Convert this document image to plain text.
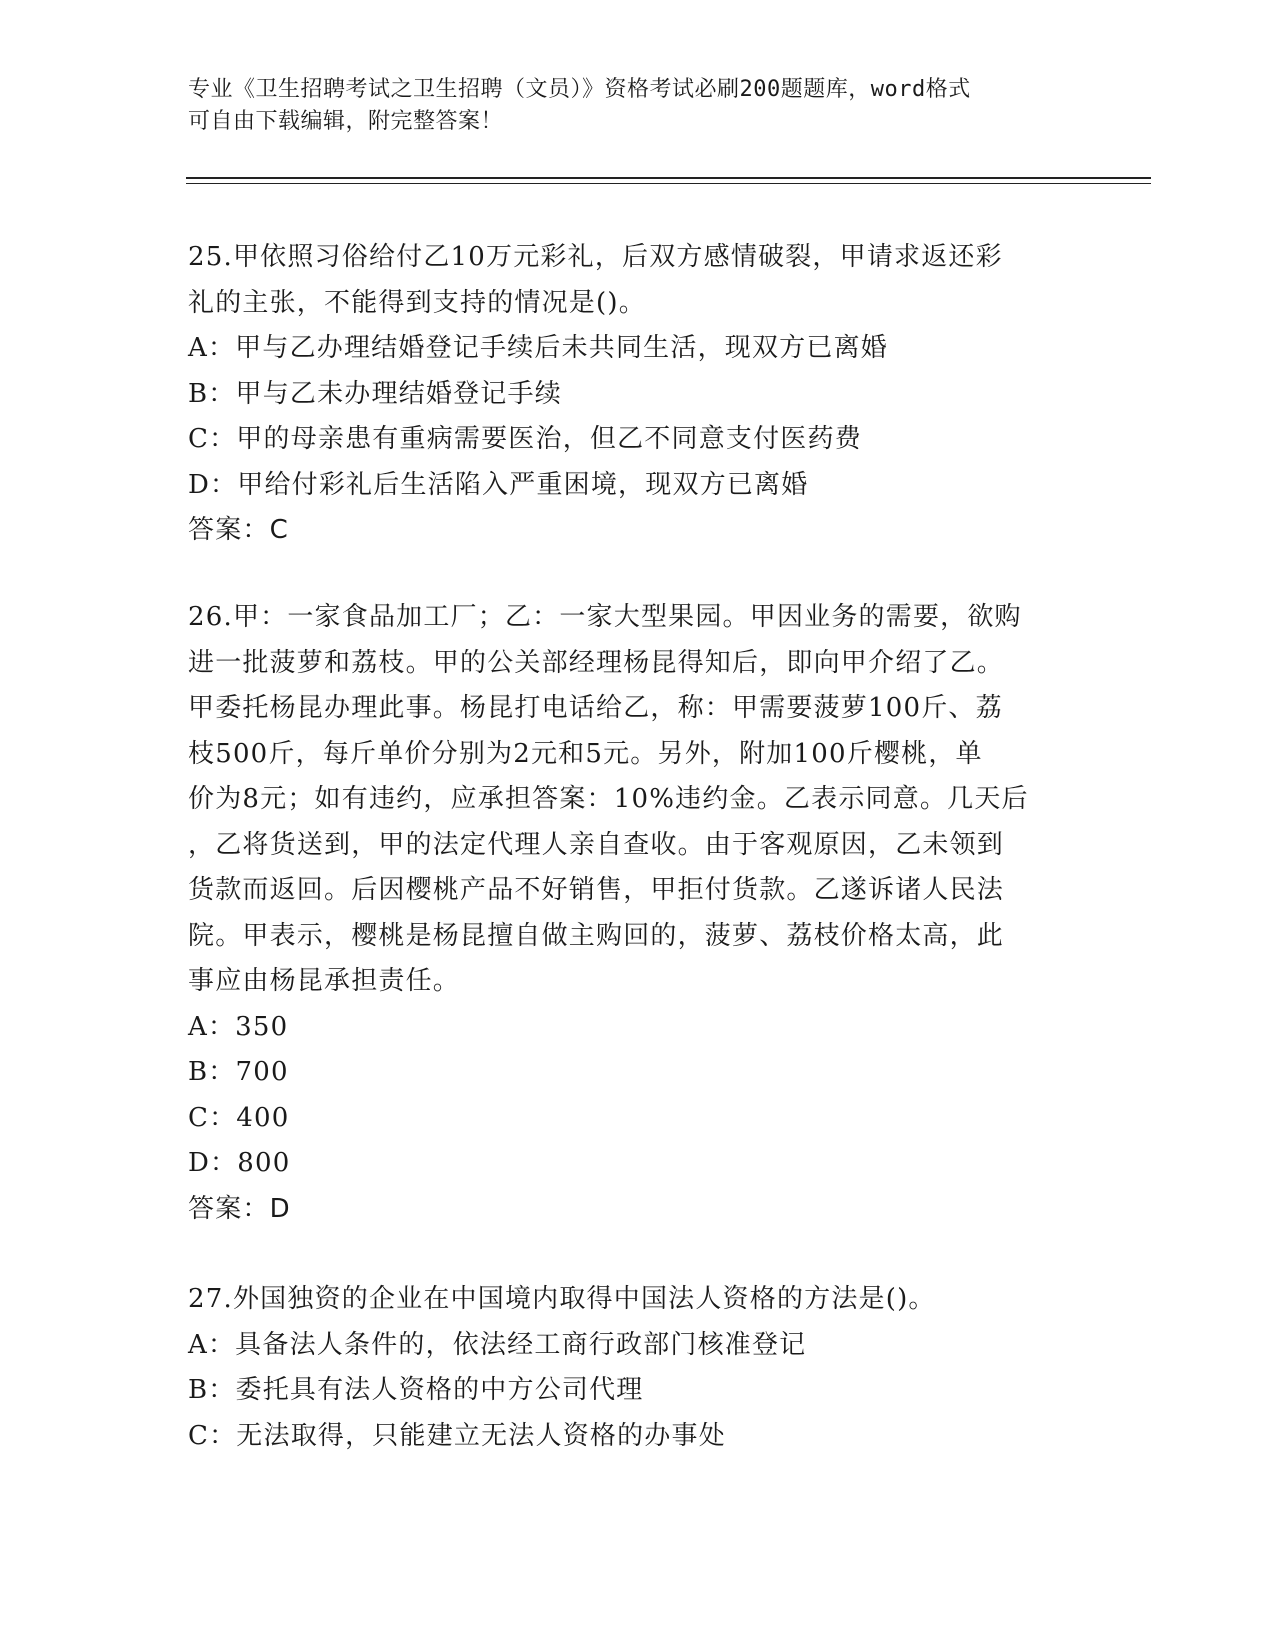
专业《卫生招聘考试之卫生招聘（文员）》资格考试必刷200题题库，word格式
可自由下载编辑，附完整答案！
25.甲依照习俗给付乙10万元彩礼，后双方感情破裂，甲请求返还彩
礼的主张，不能得到支持的情况是()。
A：甲与乙办理结婚登记手续后未共同生活，现双方已离婚
B：甲与乙未办理结婚登记手续
C：甲的母亲患有重病需要医治，但乙不同意支付医药费
D：甲给付彩礼后生活陷入严重困境，现双方已离婚
答案：C
26.甲：一家食品加工厂；乙：一家大型果园。甲因业务的需要，欲购
进一批菠萝和荔枝。甲的公关部经理杨昆得知后，即向甲介绍了乙。
甲委托杨昆办理此事。杨昆打电话给乙，称：甲需要菠萝100斤、荔
枝500斤，每斤单价分别为2元和5元。另外，附加100斤樱桃，单
价为8元；如有违约，应承担答案：10%违约金。乙表示同意。几天后
，乙将货送到，甲的法定代理人亲自查收。由于客观原因，乙未领到
货款而返回。后因樱桃产品不好销售，甲拒付货款。乙遂诉诸人民法
院。甲表示，樱桃是杨昆擅自做主购回的，菠萝、荔枝价格太高，此
事应由杨昆承担责任。
A：350
B：700
C：400
D：800
答案：D
27.外国独资的企业在中国境内取得中国法人资格的方法是()。
A：具备法人条件的，依法经工商行政部门核准登记
B：委托具有法人资格的中方公司代理
C：无法取得，只能建立无法人资格的办事处
